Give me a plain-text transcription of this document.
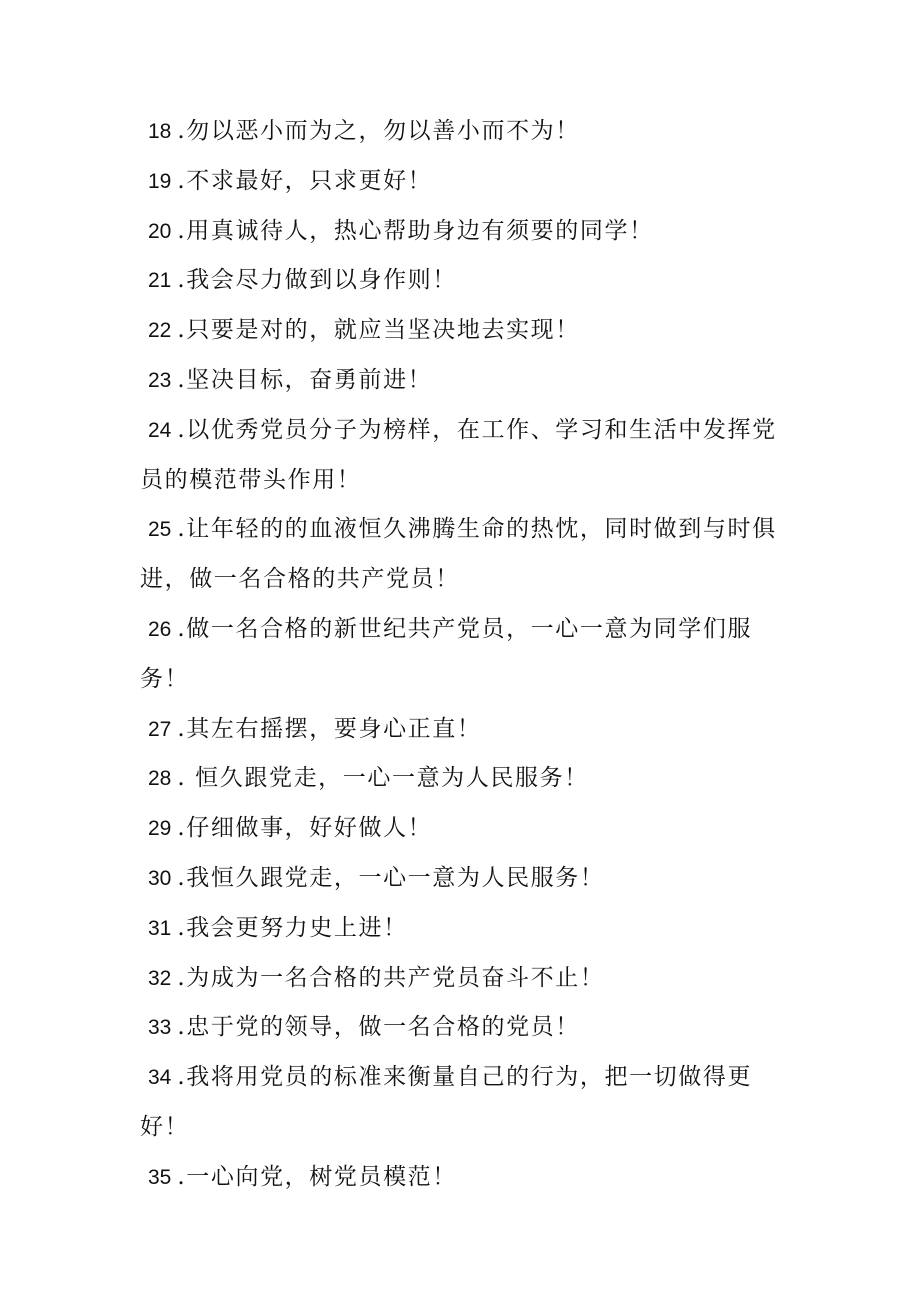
18 .勿以恶小而为之，勿以善小而不为！
19 .不求最好，只求更好！
20 .用真诚待人，热心帮助身边有须要的同学！
21 .我会尽力做到以身作则！
22 .只要是对的，就应当坚决地去实现！
23 .坚决目标，奋勇前进！
24 .以优秀党员分子为榜样，在工作、学习和生活中发挥党员的模范带头作用！
25 .让年轻的的血液恒久沸腾生命的热忱，同时做到与时俱进，做一名合格的共产党员！
26 .做一名合格的新世纪共产党员，一心一意为同学们服务！
27 .其左右摇摆，要身心正直！
28 . 恒久跟党走，一心一意为人民服务！
29 .仔细做事，好好做人！
30 .我恒久跟党走，一心一意为人民服务！
31 .我会更努力史上进！
32 .为成为一名合格的共产党员奋斗不止！
33 .忠于党的领导，做一名合格的党员！
34 .我将用党员的标准来衡量自己的行为，把一切做得更好！
35 .一心向党，树党员模范！
